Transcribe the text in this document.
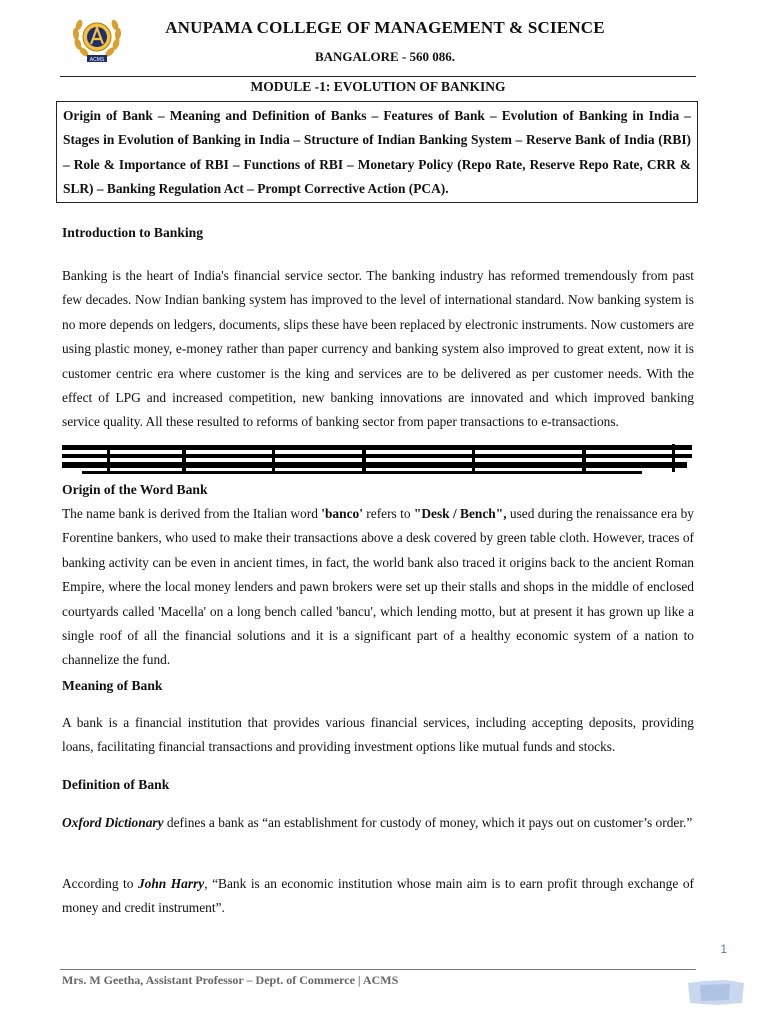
ACMS
ANUPAMA COLLEGE OF MANAGEMENT & SCIENCE
BANGALORE - 560 086.
MODULE -1: EVOLUTION OF BANKING
Origin of Bank – Meaning and Definition of Banks – Features of Bank – Evolution of Banking in India – Stages in Evolution of Banking in India – Structure of Indian Banking System – Reserve Bank of India (RBI) – Role & Importance of RBI – Functions of RBI – Monetary Policy (Repo Rate, Reserve Repo Rate, CRR & SLR) – Banking Regulation Act – Prompt Corrective Action (PCA).
Introduction to Banking

Banking is the heart of India's financial service sector. The banking industry has reformed tremendously from past few decades. Now Indian banking system has improved to the level of international standard. Now banking system is no more depends on ledgers, documents, slips these have been replaced by electronic instruments. Now customers are using plastic money, e-money rather than paper currency and banking system also improved to great extent, now it is customer centric era where customer is the king and services are to be delivered as per customer needs. With the effect of LPG and increased competition, new banking innovations are innovated and which improved banking service quality. All these resulted to reforms of banking sector from paper transactions to e-transactions.

Origin of the Word Bank

The name bank is derived from the Italian word 'banco' refers to "Desk / Bench", used during the renaissance era by Forentine bankers, who used to make their transactions above a desk covered by green table cloth. However, traces of banking activity can be even in ancient times, in fact, the world bank also traced it origins back to the ancient Roman Empire, where the local money lenders and pawn brokers were set up their stalls and shops in the middle of enclosed courtyards called 'Macella' on a long bench called 'bancu', which lending motto, but at present it has grown up like a single roof of all the financial solutions and it is a significant part of a healthy economic system of a nation to channelize the fund.

Meaning of Bank

A bank is a financial institution that provides various financial services, including accepting deposits, providing loans, facilitating financial transactions and providing investment options like mutual funds and stocks.

Definition of Bank

Oxford Dictionary defines a bank as “an establishment for custody of money, which it pays out on customer’s order.”

According to John Harry, “Bank is an economic institution whose main aim is to earn profit through exchange of money and credit instrument”.

1
Mrs. M Geetha, Assistant Professor – Dept. of Commerce | ACMS
